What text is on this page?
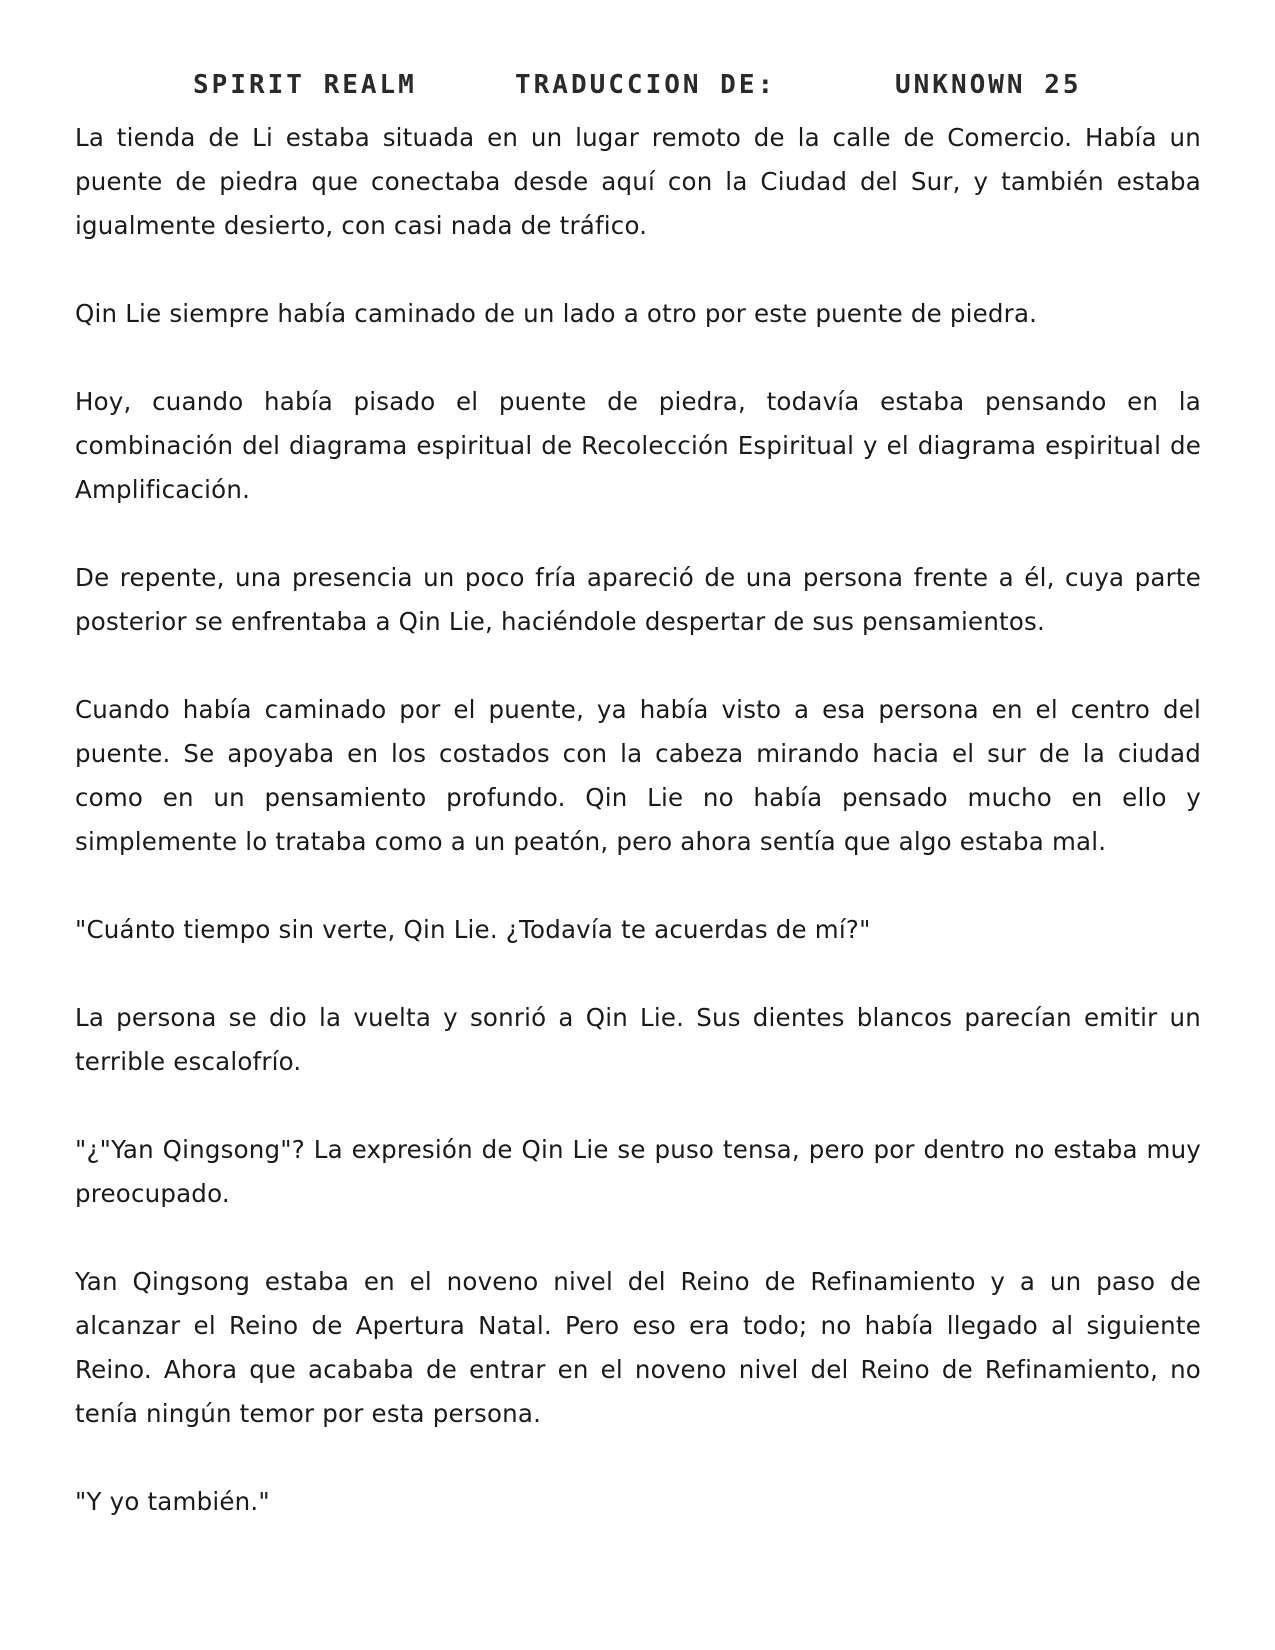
SPIRIT REALM	TRADUCCION DE:	UNKNOWN 25

La tienda de Li estaba situada en un lugar remoto de la calle de Comercio. Había un puente de piedra que conectaba desde aquí con la Ciudad del Sur, y también estaba igualmente desierto, con casi nada de tráfico.

Qin Lie siempre había caminado de un lado a otro por este puente de piedra.

Hoy, cuando había pisado el puente de piedra, todavía estaba pensando en la combinación del diagrama espiritual de Recolección Espiritual y el diagrama espiritual de Amplificación.

De repente, una presencia un poco fría apareció de una persona frente a él, cuya parte posterior se enfrentaba a Qin Lie, haciéndole despertar de sus pensamientos.

Cuando había caminado por el puente, ya había visto a esa persona en el centro del puente. Se apoyaba en los costados con la cabeza mirando hacia el sur de la ciudad como en un pensamiento profundo. Qin Lie no había pensado mucho en ello y simplemente lo trataba como a un peatón, pero ahora sentía que algo estaba mal.

"Cuánto tiempo sin verte, Qin Lie. ¿Todavía te acuerdas de mí?"

La persona se dio la vuelta y sonrió a Qin Lie. Sus dientes blancos parecían emitir un terrible escalofrío.

"¿"Yan Qingsong"? La expresión de Qin Lie se puso tensa, pero por dentro no estaba muy preocupado.

Yan Qingsong estaba en el noveno nivel del Reino de Refinamiento y a un paso de alcanzar el Reino de Apertura Natal. Pero eso era todo; no había llegado al siguiente Reino. Ahora que acababa de entrar en el noveno nivel del Reino de Refinamiento, no tenía ningún temor por esta persona.

"Y yo también."
